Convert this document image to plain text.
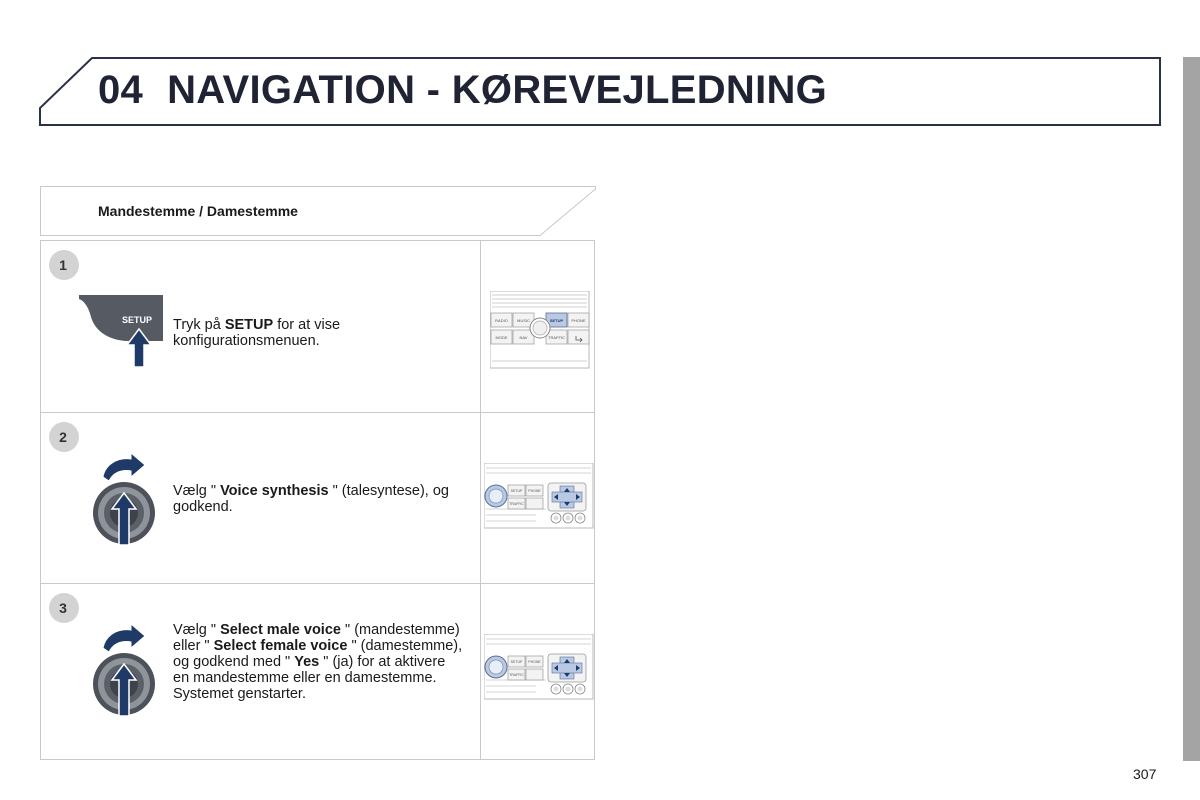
04 NAVIGATION - KØREVEJLEDNING
Mandestemme / Damestemme
1
SETUP Tryk på SETUP for at vise konfigurationsmenuen.
RADIO MUSIC	SETUP PHONE
MODE	NAV	TRAFFIC
2
Vælg " Voice synthesis " (talesyntese), og godkend.
SETUP PHONE
TRAFFIC
3
Vælg " Select male voice " (mandestemme) eller " Select female voice " (damestemme), og godkend med " Yes " (ja) for at aktivere en mandestemme eller en damestemme. Systemet genstarter.
SETUP PHONE
TRAFFIC
307
